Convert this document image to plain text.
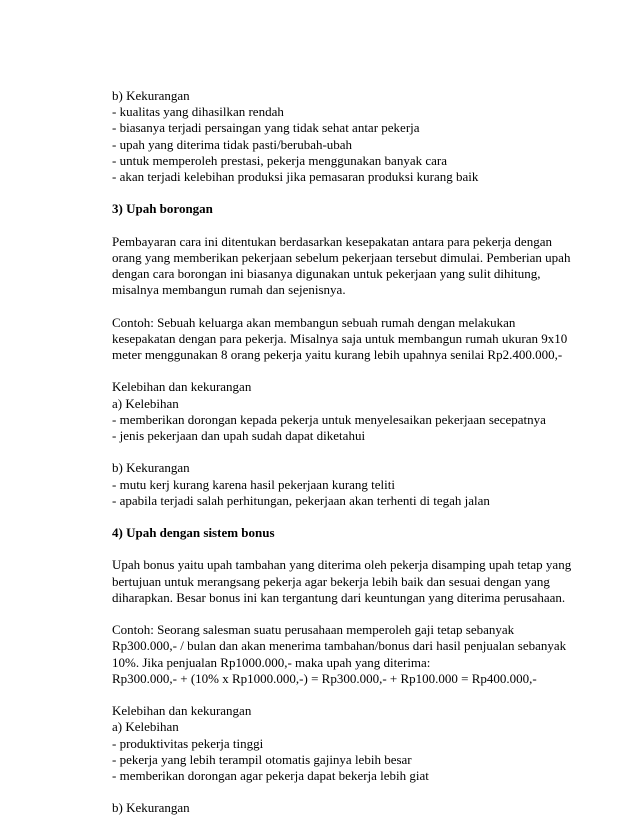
b) Kekurangan
- kualitas yang dihasilkan rendah
- biasanya terjadi persaingan yang tidak sehat antar pekerja
- upah yang diterima tidak pasti/berubah-ubah
- untuk memperoleh prestasi, pekerja menggunakan banyak cara
- akan terjadi kelebihan produksi jika pemasaran produksi kurang baik
3) Upah borongan
Pembayaran cara ini ditentukan berdasarkan kesepakatan antara para pekerja dengan
orang yang memberikan pekerjaan sebelum pekerjaan tersebut dimulai. Pemberian upah
dengan cara borongan ini biasanya digunakan untuk pekerjaan yang sulit dihitung,
misalnya membangun rumah dan sejenisnya.
Contoh: Sebuah keluarga akan membangun sebuah rumah dengan melakukan
kesepakatan dengan para pekerja. Misalnya saja untuk membangun rumah ukuran 9x10
meter menggunakan 8 orang pekerja yaitu kurang lebih upahnya senilai Rp2.400.000,-
Kelebihan dan kekurangan
a) Kelebihan
- memberikan dorongan kepada pekerja untuk menyelesaikan pekerjaan secepatnya
- jenis pekerjaan dan upah sudah dapat diketahui
b) Kekurangan
- mutu kerj kurang karena hasil pekerjaan kurang teliti
- apabila terjadi salah perhitungan, pekerjaan akan terhenti di tegah jalan
4) Upah dengan sistem bonus
Upah bonus yaitu upah tambahan yang diterima oleh pekerja disamping upah tetap yang
bertujuan untuk merangsang pekerja agar bekerja lebih baik dan sesuai dengan yang
diharapkan. Besar bonus ini kan tergantung dari keuntungan yang diterima perusahaan.
Contoh: Seorang salesman suatu perusahaan memperoleh gaji tetap sebanyak
Rp300.000,- / bulan dan akan menerima tambahan/bonus dari hasil penjualan sebanyak
10%. Jika penjualan Rp1000.000,- maka upah yang diterima:
Rp300.000,- + (10% x Rp1000.000,-) = Rp300.000,- + Rp100.000 = Rp400.000,-
Kelebihan dan kekurangan
a) Kelebihan
- produktivitas pekerja tinggi
- pekerja yang lebih terampil otomatis gajinya lebih besar
- memberikan dorongan agar pekerja dapat bekerja lebih giat
b) Kekurangan
